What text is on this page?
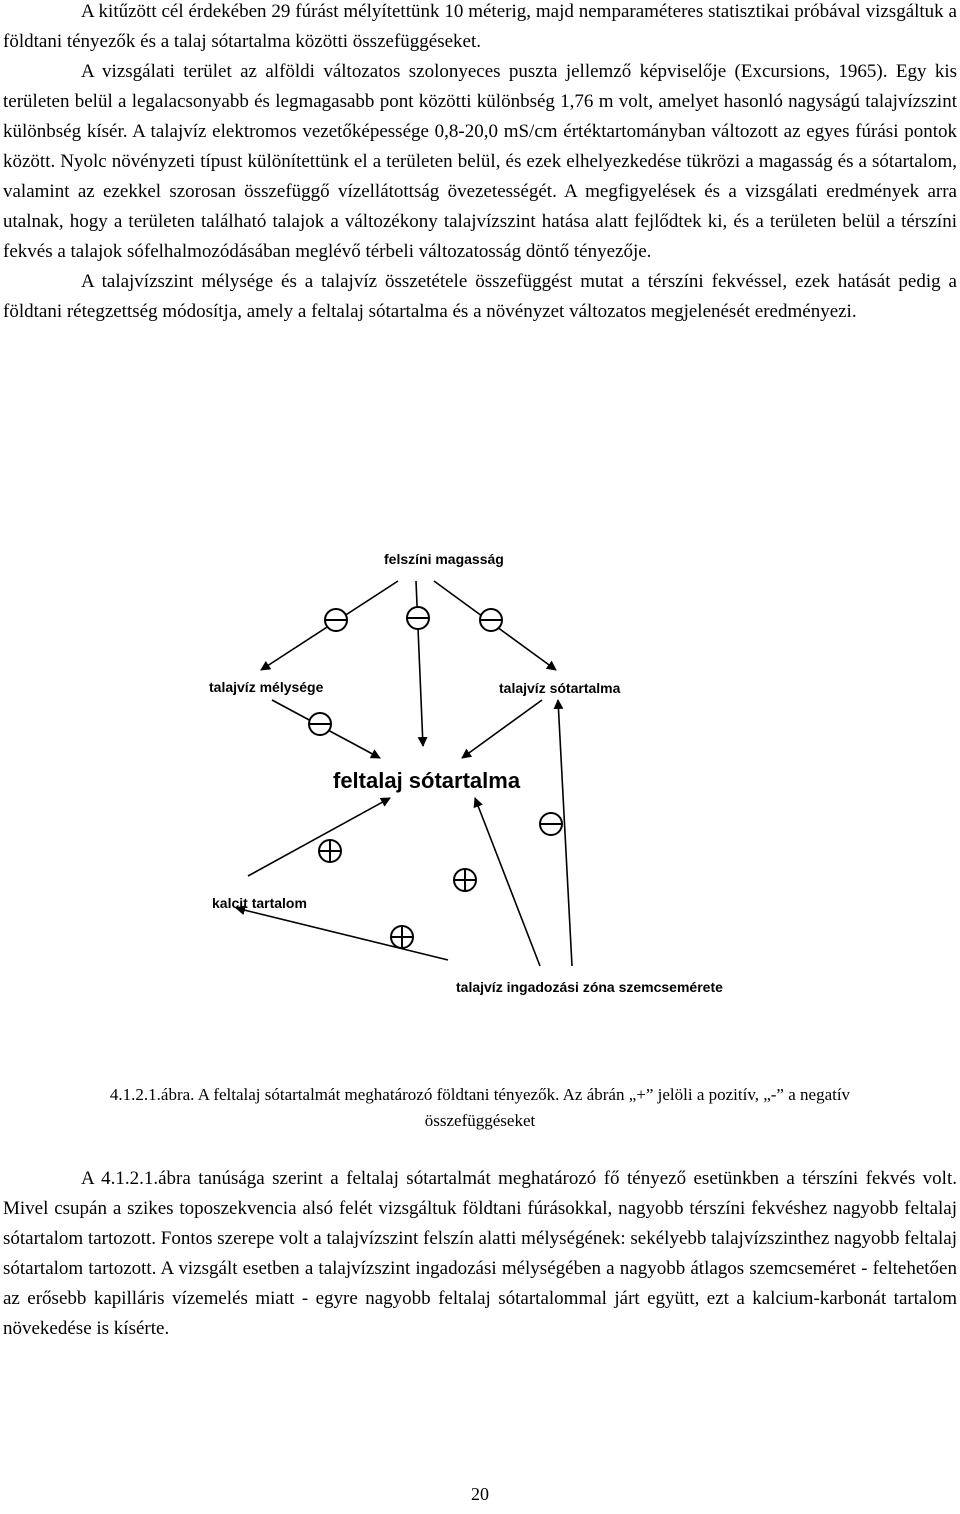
A kitűzött cél érdekében 29 fúrást mélyítettünk 10 méterig, majd nemparaméteres statisztikai próbával vizsgáltuk a földtani tényezők és a talaj sótartalma közötti összefüggéseket.

A vizsgálati terület az alföldi változatos szolonyeces puszta jellemző képviselője (Excursions, 1965). Egy kis területen belül a legalacsonyabb és legmagasabb pont közötti különbség 1,76 m volt, amelyet hasonló nagyságú talajvízszint különbség kísér. A talajvíz elektromos vezetőképessége 0,8-20,0 mS/cm értéktartományban változott az egyes fúrási pontok között. Nyolc növényzeti típust különítettünk el a területen belül, és ezek elhelyezkedése tükrözi a magasság és a sótartalom, valamint az ezekkel szorosan összefüggő vízellátottság övezetességét. A megfigyelések és a vizsgálati eredmények arra utalnak, hogy a területen található talajok a változékony talajvízszint hatása alatt fejlődtek ki, és a területen belül a térszíni fekvés a talajok sófelhalmozódásában meglévő térbeli változatosság döntő tényezője.

A talajvízszint mélysége és a talajvíz összetétele összefüggést mutat a térszíni fekvéssel, ezek hatását pedig a földtani rétegzettség módosítja, amely a feltalaj sótartalma és a növényzet változatos megjelenését eredményezi.

felszíni magasság
talajvíz mélysége	talajvíz sótartalma
feltalaj sótartalma
kalcit tartalom
talajvíz ingadozási zóna szemcsemérete
4.1.2.1.ábra. A feltalaj sótartalmát meghatározó földtani tényezők. Az ábrán „+” jelöli a pozitív, „-” a negatív
összefüggéseket

A 4.1.2.1.ábra tanúsága szerint a feltalaj sótartalmát meghatározó fő tényező esetünkben a térszíni fekvés volt. Mivel csupán a szikes toposzekvencia alsó felét vizsgáltuk földtani fúrásokkal, nagyobb térszíni fekvéshez nagyobb feltalaj sótartalom tartozott. Fontos szerepe volt a talajvízszint felszín alatti mélységének: sekélyebb talajvízszinthez nagyobb feltalaj sótartalom tartozott. A vizsgált esetben a talajvízszint ingadozási mélységében a nagyobb átlagos szemcseméret - feltehetően az erősebb kapilláris vízemelés miatt - egyre nagyobb feltalaj sótartalommal járt együtt, ezt a kalcium-karbonát tartalom növekedése is kísérte.

20
